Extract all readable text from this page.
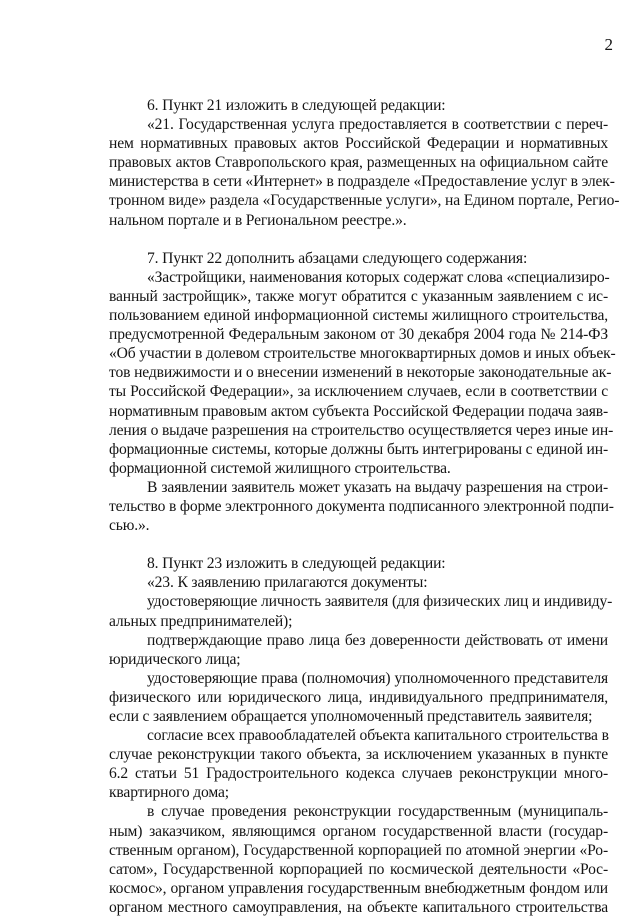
2
6. Пункт 21 изложить в следующей редакции:
«21. Государственная услуга предоставляется в соответствии с переч-
нем нормативных правовых актов Российской Федерации и нормативных
правовых актов Ставропольского края, размещенных на официальном сайте
министерства в сети «Интернет» в подразделе «Предоставление услуг в элек-
тронном виде» раздела «Государственные услуги», на Едином портале, Регио-
нальном портале и в Региональном реестре.».
7. Пункт 22 дополнить абзацами следующего содержания:
«Застройщики, наименования которых содержат слова «специализиро-
ванный застройщик», также могут обратится с указанным заявлением с ис-
пользованием единой информационной системы жилищного строительства,
предусмотренной Федеральным законом от 30 декабря 2004 года № 214-ФЗ
«Об участии в долевом строительстве многоквартирных домов и иных объек-
тов недвижимости и о внесении изменений в некоторые законодательные ак-
ты Российской Федерации», за исключением случаев, если в соответствии с
нормативным правовым актом субъекта Российской Федерации подача заяв-
ления о выдаче разрешения на строительство осуществляется через иные ин-
формационные системы, которые должны быть интегрированы с единой ин-
формационной системой жилищного строительства.
В заявлении заявитель может указать на выдачу разрешения на строи-
тельство в форме электронного документа подписанного электронной подпи-
сью.».
8. Пункт 23 изложить в следующей редакции:
«23. К заявлению прилагаются документы:
удостоверяющие личность заявителя (для физических лиц и индивиду-
альных предпринимателей);
подтверждающие право лица без доверенности действовать от имени
юридического лица;
удостоверяющие права (полномочия) уполномоченного представителя
физического или юридического лица, индивидуального предпринимателя,
если с заявлением обращается уполномоченный представитель заявителя;
согласие всех правообладателей объекта капитального строительства в
случае реконструкции такого объекта, за исключением указанных в пункте
6.2 статьи 51 Градостроительного кодекса случаев реконструкции много-
квартирного дома;
в случае проведения реконструкции государственным (муниципаль-
ным) заказчиком, являющимся органом государственной власти (государ-
ственным органом), Государственной корпорацией по атомной энергии «Ро-
сатом», Государственной корпорацией по космической деятельности «Рос-
космос», органом управления государственным внебюджетным фондом или
органом местного самоуправления, на объекте капитального строительства
